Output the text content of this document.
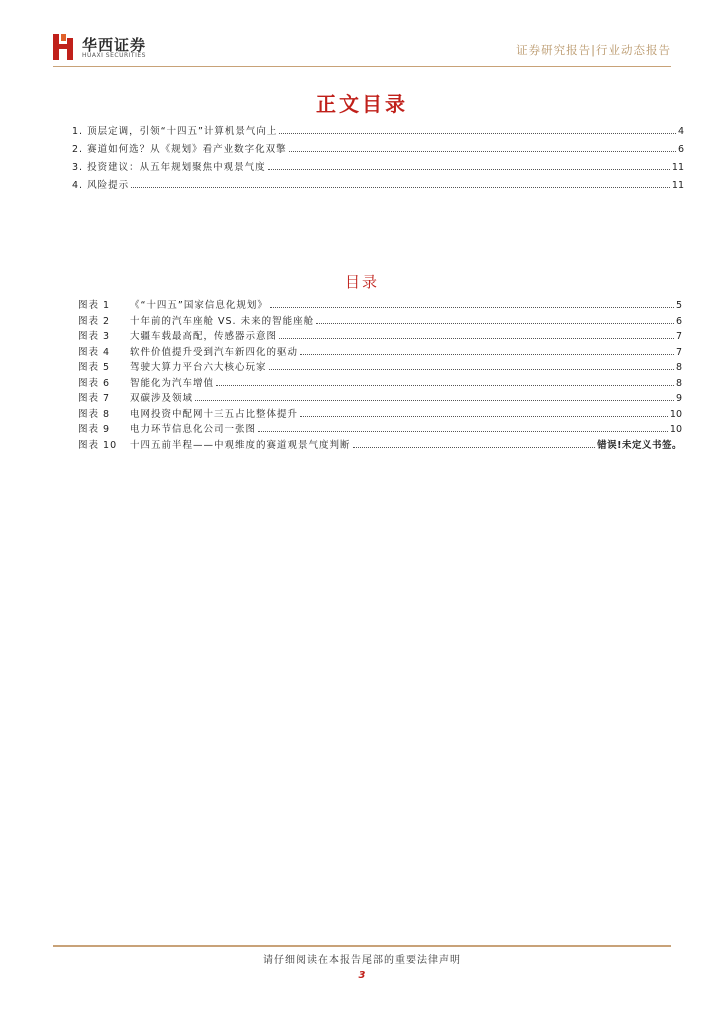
华西证券
HUAXI SECURITIES	证券研究报告|行业动态报告
正文目录
1. 顶层定调，引领“十四五”计算机景气向上	4
2. 赛道如何选？从《规划》看产业数字化双擎	6
3. 投资建议：从五年规划聚焦中观景气度	11
4. 风险提示	11
目录
图表 1	《“十四五”国家信息化规划》	5
图表 2	十年前的汽车座舱 VS. 未来的智能座舱	6
图表 3	大疆车载最高配，传感器示意图	7
图表 4	软件价值提升受到汽车新四化的驱动	7
图表 5	驾驶大算力平台六大核心玩家	8
图表 6	智能化为汽车增值	8
图表 7	双碳涉及领域	9
图表 8	电网投资中配网十三五占比整体提升	10
图表 9	电力环节信息化公司一张图	10
图表 10	十四五前半程——中观维度的赛道观景气度判断	错误!未定义书签。
请仔细阅读在本报告尾部的重要法律声明
3
